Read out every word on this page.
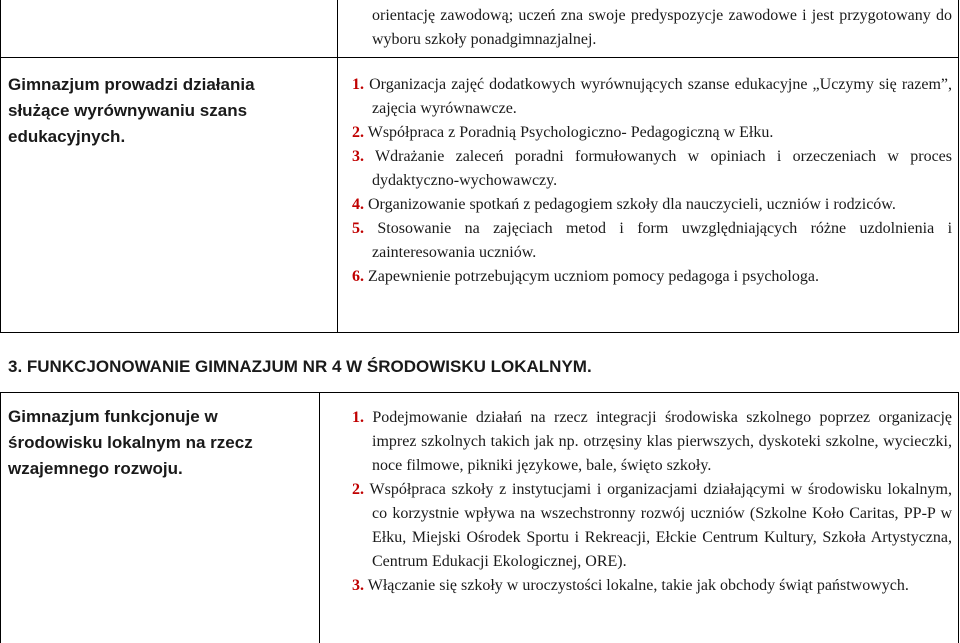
orientację zawodową; uczeń zna swoje predyspozycje zawodowe i jest przygotowany do wyboru szkoły ponadgimnazjalnej.
Gimnazjum prowadzi działania służące wyrównywaniu szans edukacyjnych.
1. Organizacja zajęć dodatkowych wyrównujących szanse edukacyjne „Uczymy się razem”, zajęcia wyrównawcze.
2. Współpraca z Poradnią Psychologiczno- Pedagogiczną w Ełku.
3. Wdrażanie zaleceń poradni formułowanych w opiniach i orzeczeniach w proces dydaktyczno-wychowawczy.
4. Organizowanie spotkań z pedagogiem szkoły dla nauczycieli, uczniów i rodziców.
5. Stosowanie na zajęciach metod i form uwzględniających różne uzdolnienia i zainteresowania uczniów.
6. Zapewnienie potrzebującym uczniom pomocy pedagoga i psychologa.
3. FUNKCJONOWANIE GIMNAZJUM NR 4 W ŚRODOWISKU LOKALNYM.
Gimnazjum funkcjonuje w środowisku lokalnym na rzecz wzajemnego rozwoju.
1. Podejmowanie działań na rzecz integracji środowiska szkolnego poprzez organizację imprez szkolnych takich jak np. otrzęsiny klas pierwszych, dyskoteki szkolne, wycieczki, noce filmowe, pikniki językowe, bale, święto szkoły.
2. Współpraca szkoły z instytucjami i organizacjami działającymi w środowisku lokalnym, co korzystnie wpływa na wszechstronny rozwój uczniów (Szkolne Koło Caritas, PP-P w Ełku, Miejski Ośrodek Sportu i Rekreacji, Ełckie Centrum Kultury, Szkoła Artystyczna, Centrum Edukacji Ekologicznej, ORE).
3. Włączanie się szkoły w uroczystości lokalne, takie jak obchody świąt państwowych.
